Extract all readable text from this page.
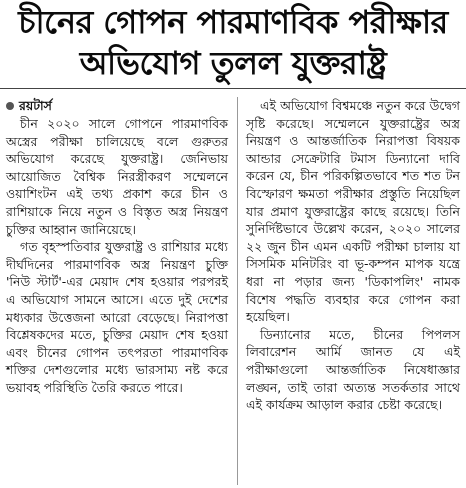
চীনের গোপন পারমাণবিক পরীক্ষার
অভিযোগ তুলল যুক্তরাষ্ট্র
রয়টার্স

চীন ২০২০ সালে গোপনে পারমাণবিক অস্ত্রের পরীক্ষা চালিয়েছে বলে গুরুতর অভিযোগ করেছে যুক্তরাষ্ট্র। জেনিভায় আয়োজিত বৈশ্বিক নিরস্ত্রীকরণ সম্মেলনে ওয়াশিংটন এই তথ্য প্রকাশ করে চীন ও রাশিয়াকে নিয়ে নতুন ও বিস্তৃত অস্ত্র নিয়ন্ত্রণ চুক্তির আহ্বান জানিয়েছে।

গত বৃহস্পতিবার যুক্তরাষ্ট্র ও রাশিয়ার মধ্যে দীর্ঘদিনের পারমাণবিক অস্ত্র নিয়ন্ত্রণ চুক্তি 'নিউ স্টার্ট'-এর মেয়াদ শেষ হওয়ার পরপরই এ অভিযোগ সামনে আসে। এতে দুই দেশের মধ্যকার উত্তেজনা আরো বেড়েছে। নিরাপত্তা বিশ্লেষকদের মতে, চুক্তির মেয়াদ শেষ হওয়া এবং চীনের গোপন তৎপরতা পারমাণবিক শক্তির দেশগুলোর মধ্যে ভারসাম্য নষ্ট করে ভয়াবহ পরিস্থিতি তৈরি করতে পারে।

এই অভিযোগ বিশ্বমঞ্চে নতুন করে উদ্বেগ সৃষ্টি করেছে। সম্মেলনে যুক্তরাষ্ট্রের অস্ত্র নিয়ন্ত্রণ ও আন্তর্জাতিক নিরাপত্তা বিষয়ক আন্ডার সেক্রেটারি টমাস ডিন্যানো দাবি করেন যে, চীন পরিকল্পিতভাবে শত শত টন বিস্ফোরণ ক্ষমতা পরীক্ষার প্রস্তুতি নিয়েছিল যার প্রমাণ যুক্তরাষ্ট্রের কাছে রয়েছে। তিনি সুনির্দিষ্টভাবে উল্লেখ করেন, ২০২০ সালের ২২ জুন চীন এমন একটি পরীক্ষা চালায় যা সিসমিক মনিটরিং বা ভূ-কম্পন মাপক যন্ত্রে ধরা না পড়ার জন্য 'ডিকাপলিং' নামক বিশেষ পদ্ধতি ব্যবহার করে গোপন করা হয়েছিল।

ডিন্যানোর মতে, চীনের পিপলস লিবারেশন আর্মি জানত যে এই পরীক্ষাগুলো আন্তর্জাতিক নিষেধাজ্ঞার লঙ্ঘন, তাই তারা অত্যন্ত সতর্কতার সাথে এই কার্যক্রম আড়াল করার চেষ্টা করেছে।
